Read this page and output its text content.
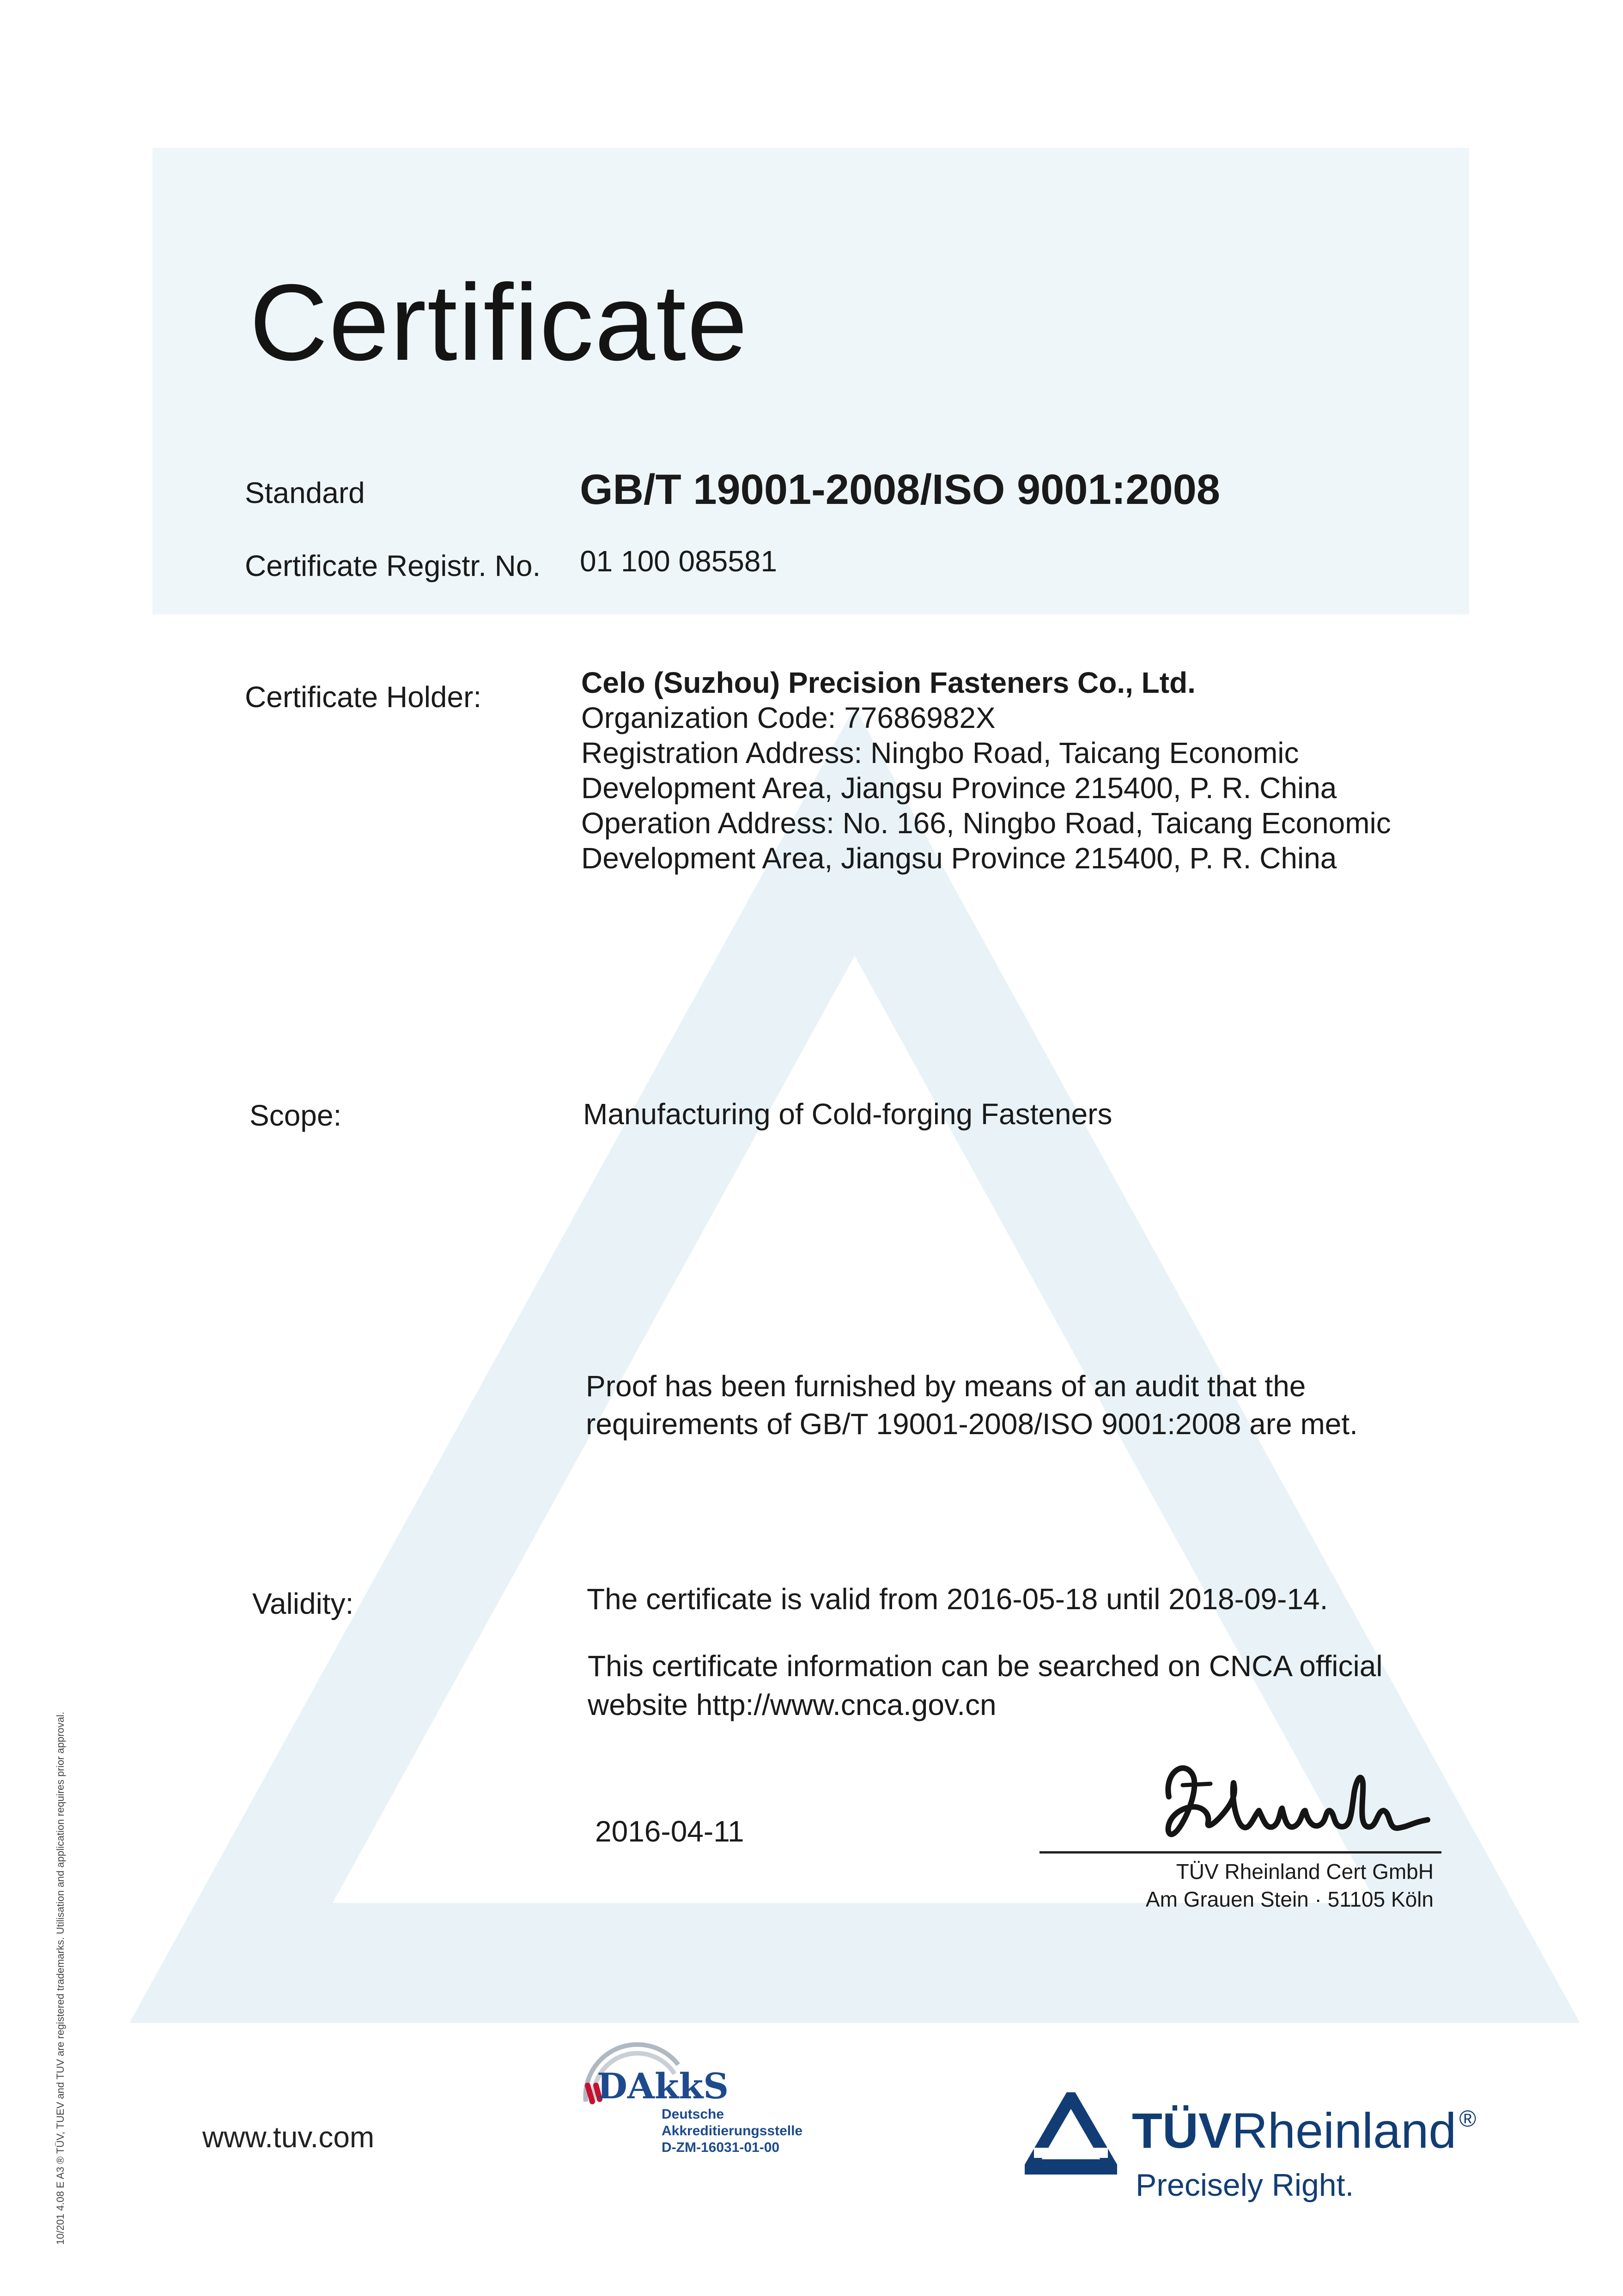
Certificate
Standard	GB/T 19001-2008/ISO 9001:2008
Certificate Registr. No. 01 100 085581
Certificate Holder:	Celo (Suzhou) Precision Fasteners Co., Ltd.
Organization Code: 77686982X
Registration Address: Ningbo Road, Taicang Economic
Development Area, Jiangsu Province 215400, P. R. China
Operation Address: No. 166, Ningbo Road, Taicang Economic
Development Area, Jiangsu Province 215400, P. R. China
Scope:	Manufacturing of Cold-forging Fasteners
Proof has been furnished by means of an audit that the
requirements of GB/T 19001-2008/ISO 9001:2008 are met.
Validity:	The certificate is valid from 2016-05-18 until 2018-09-14.
This certificate information can be searched on CNCA official
website http://www.cnca.gov.cn
2016-04-11
TÜV Rheinland Cert GmbH
Am Grauen Stein · 51105 Köln
10/201 4.08 E A3 ® TÜV, TUEV and TUV are registered trademarks. Utilisation and application requires prior approval.	www.tuv.com
DAkkS
Deutsche
Akkreditierungsstelle
D-ZM-16031-01-00	TÜVRheinland ®
Precisely Right.
